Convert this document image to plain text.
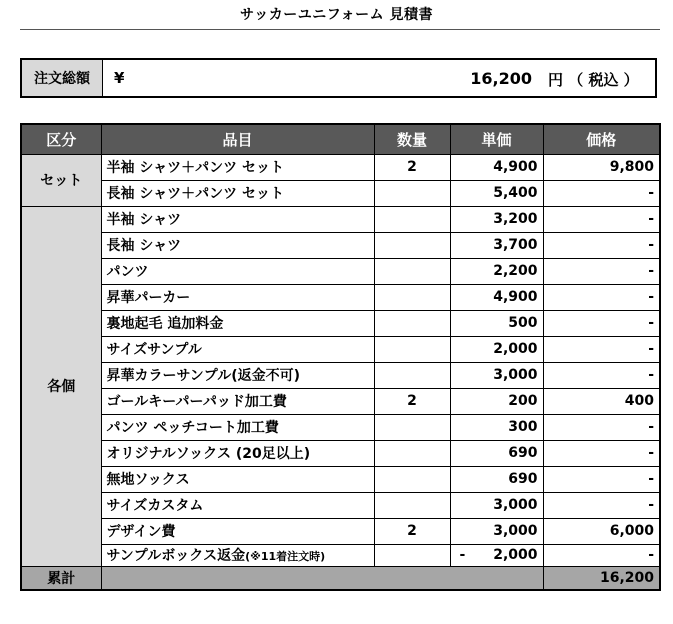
サッカーユニフォーム 見積書
注文総額	¥	16,200 円 （ 税込 ）
区分	品目	数量	単価	価格
セット	半袖 シャツ＋パンツ セット	2	4,900	9,800
	長袖 シャツ＋パンツ セット		5,400	-
各個	半袖 シャツ		3,200	-
	長袖 シャツ		3,700	-
	パンツ		2,200	-
	昇華パーカー		4,900	-
	裏地起毛 追加料金		500	-
	サイズサンプル		2,000	-
	昇華カラーサンプル(返金不可)		3,000	-
	ゴールキーパーパッド加工費	2	200	400
	パンツ ペッチコート加工費		300	-
	オリジナルソックス (20足以上)		690	-
	無地ソックス		690	-
	サイズカスタム		3,000	-
	デザイン費	2	3,000	6,000
	サンプルボックス返金(※11着注文時)		- 2,000	-
累計				16,200
